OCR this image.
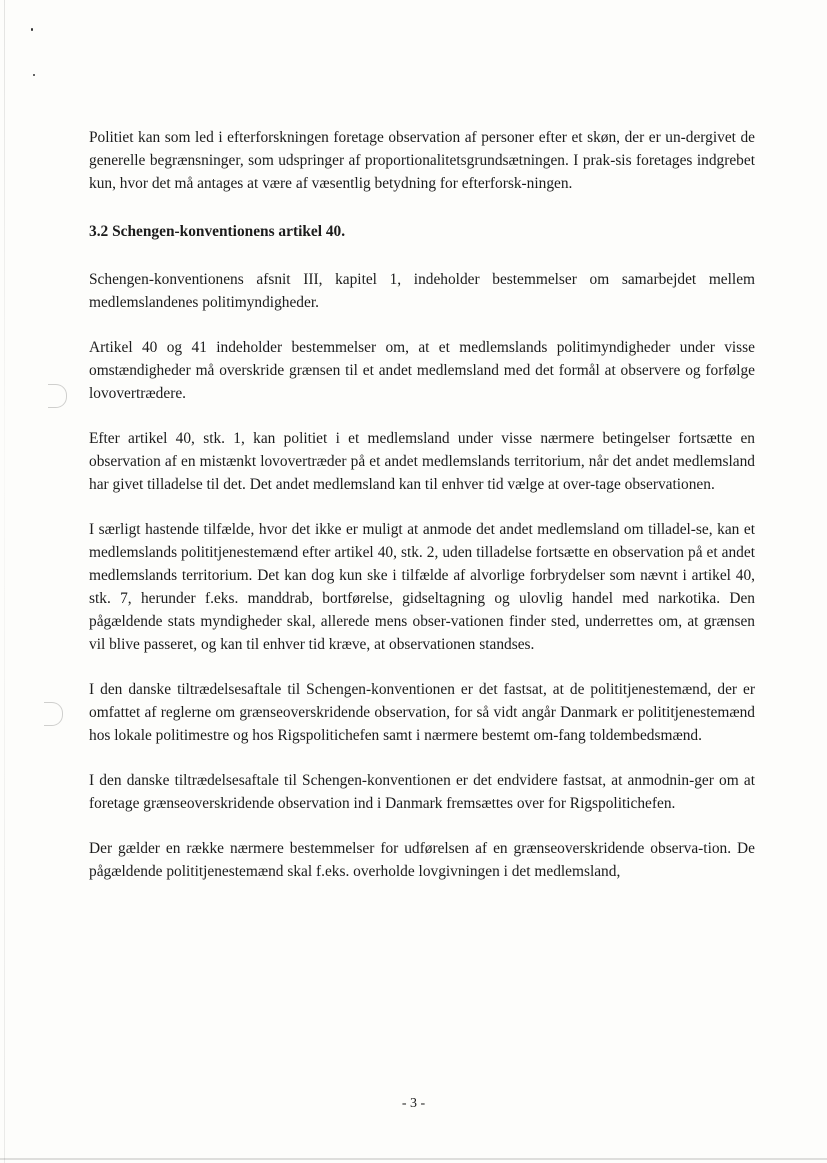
Politiet kan som led i efterforskningen foretage observation af personer efter et skøn, der er un-dergivet de generelle begrænsninger, som udspringer af proportionalitetsgrundsætningen. I prak-sis foretages indgrebet kun, hvor det må antages at være af væsentlig betydning for efterforsk-ningen.

3.2 Schengen-konventionens artikel 40.

Schengen-konventionens afsnit III, kapitel 1, indeholder bestemmelser om samarbejdet mellem medlemslandenes politimyndigheder.

Artikel 40 og 41 indeholder bestemmelser om, at et medlemslands politimyndigheder under visse omstændigheder må overskride grænsen til et andet medlemsland med det formål at observere og forfølge lovovertrædere.

Efter artikel 40, stk. 1, kan politiet i et medlemsland under visse nærmere betingelser fortsætte en observation af en mistænkt lovovertræder på et andet medlemslands territorium, når det andet medlemsland har givet tilladelse til det. Det andet medlemsland kan til enhver tid vælge at over-tage observationen.

I særligt hastende tilfælde, hvor det ikke er muligt at anmode det andet medlemsland om tilladel-se, kan et medlemslands polititjenestemænd efter artikel 40, stk. 2, uden tilladelse fortsætte en observation på et andet medlemslands territorium. Det kan dog kun ske i tilfælde af alvorlige forbrydelser som nævnt i artikel 40, stk. 7, herunder f.eks. manddrab, bortførelse, gidseltagning og ulovlig handel med narkotika. Den pågældende stats myndigheder skal, allerede mens obser-vationen finder sted, underrettes om, at grænsen vil blive passeret, og kan til enhver tid kræve, at observationen standses.

I den danske tiltrædelsesaftale til Schengen-konventionen er det fastsat, at de polititjenestemænd, der er omfattet af reglerne om grænseoverskridende observation, for så vidt angår Danmark er polititjenestemænd hos lokale politimestre og hos Rigspolitichefen samt i nærmere bestemt om-fang toldembedsmænd.

I den danske tiltrædelsesaftale til Schengen-konventionen er det endvidere fastsat, at anmodnin-ger om at foretage grænseoverskridende observation ind i Danmark fremsættes over for Rigspolitichefen.

Der gælder en række nærmere bestemmelser for udførelsen af en grænseoverskridende observa-tion. De pågældende polititjenestemænd skal f.eks. overholde lovgivningen i det medlemsland,

- 3 -
